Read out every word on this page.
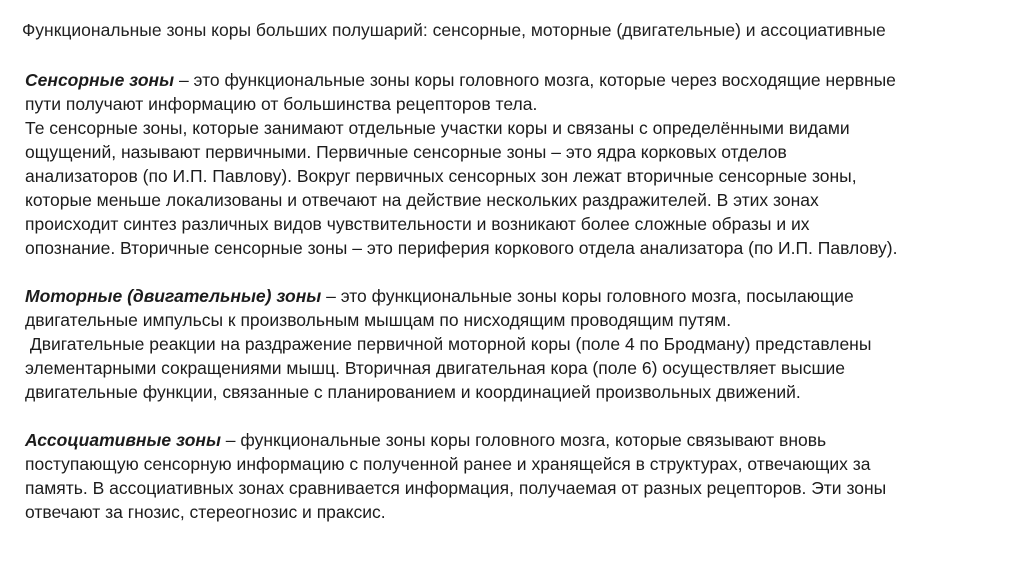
Функциональные зоны коры больших полушарий: сенсорные, моторные (двигательные) и ассоциативные

Сенсорные зоны – это функциональные зоны коры головного мозга, которые через восходящие нервные
пути получают информацию от большинства рецепторов тела.
Те сенсорные зоны, которые занимают отдельные участки коры и связаны с определёнными видами
ощущений, называют первичными. Первичные сенсорные зоны – это ядра корковых отделов
анализаторов (по И.П. Павлову). Вокруг первичных сенсорных зон лежат вторичные сенсорные зоны,
которые меньше локализованы и отвечают на действие нескольких раздражителей. В этих зонах
происходит синтез различных видов чувствительности и возникают более сложные образы и их
опознание. Вторичные сенсорные зоны – это периферия коркового отдела анализатора (по И.П. Павлову).

Моторные (двигательные) зоны – это функциональные зоны коры головного мозга, посылающие
двигательные импульсы к произвольным мышцам по нисходящим проводящим путям.
Двигательные реакции на раздражение первичной моторной коры (поле 4 по Бродману) представлены
элементарными сокращениями мышц. Вторичная двигательная кора (поле 6) осуществляет высшие
двигательные функции, связанные с планированием и координацией произвольных движений.

Ассоциативные зоны – функциональные зоны коры головного мозга, которые связывают вновь
поступающую сенсорную информацию с полученной ранее и хранящейся в структурах, отвечающих за
память. В ассоциативных зонах сравнивается информация, получаемая от разных рецепторов. Эти зоны
отвечают за гнозис, стереогнозис и праксис.
